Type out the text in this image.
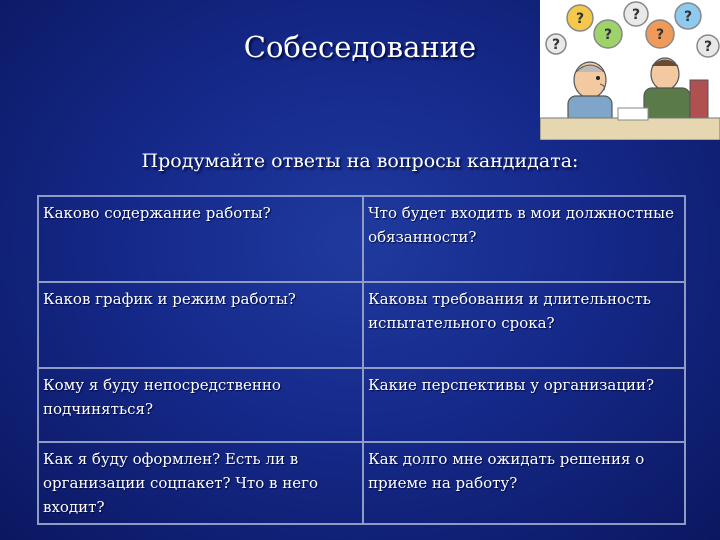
Собеседование
?
?
?
?
?
?
?
Продумайте ответы на вопросы кандидата:
Каково содержание работы?	Что будет входить в мои должностные обязанности?
Каков график и режим работы?	Каковы требования и длительность испытательного срока?
Кому я буду непосредственно подчиняться?	Какие перспективы у организации?
Как я буду оформлен? Есть ли в организации соцпакет? Что в него входит?	Как долго мне ожидать решения о приеме на работу?
